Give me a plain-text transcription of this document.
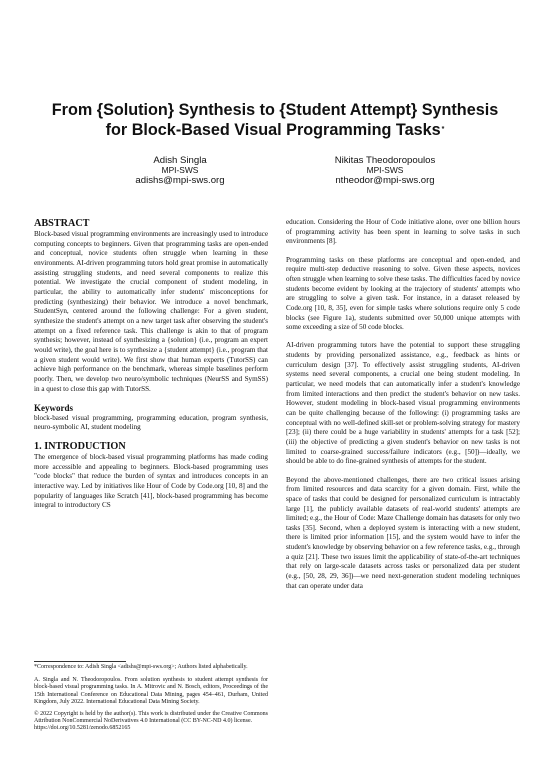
From {Solution} Synthesis to {Student Attempt} Synthesis
for Block-Based Visual Programming Tasks*
Adish Singla
MPI-SWS
adishs@mpi-sws.org
Nikitas Theodoropoulos
MPI-SWS
ntheodor@mpi-sws.org
ABSTRACT

Block-based visual programming environments are increasingly used to introduce computing concepts to beginners. Given that programming tasks are open-ended and conceptual, novice students often struggle when learning in these environments. AI-driven programming tutors hold great promise in automatically assisting struggling students, and need several components to realize this potential. We investigate the crucial component of student modeling, in particular, the ability to automatically infer students' misconceptions for predicting (synthesizing) their behavior. We introduce a novel benchmark, StudentSyn, centered around the following challenge: For a given student, synthesize the student's attempt on a new target task after observing the student's attempt on a fixed reference task. This challenge is akin to that of program synthesis; however, instead of synthesizing a {solution} (i.e., program an expert would write), the goal here is to synthesize a {student attempt} (i.e., program that a given student would write). We first show that human experts (TutorSS) can achieve high performance on the benchmark, whereas simple baselines perform poorly. Then, we develop two neuro/symbolic techniques (NeurSS and SymSS) in a quest to close this gap with TutorSS.

Keywords

block-based visual programming, programming education, program synthesis, neuro-symbolic AI, student modeling

1. INTRODUCTION

The emergence of block-based visual programming platforms has made coding more accessible and appealing to beginners. Block-based programming uses "code blocks" that reduce the burden of syntax and introduces concepts in an interactive way. Led by initiatives like Hour of Code by Code.org [10, 8] and the popularity of languages like Scratch [41], block-based programming has become integral to introductory CS

*Correspondence to: Adish Singla <adishs@mpi-sws.org>; Authors listed alphabetically.

A. Singla and N. Theodoropoulos. From solution synthesis to student attempt synthesis for block-based visual programming tasks. In A. Mitrovic and N. Bosch, editors, Proceedings of the 15th International Conference on Educational Data Mining, pages 454–461, Durham, United Kingdom, July 2022. International Educational Data Mining Society.

© 2022 Copyright is held by the author(s). This work is distributed under the Creative Commons Attribution NonCommercial NoDerivatives 4.0 International (CC BY-NC-ND 4.0) license.

https://doi.org/10.5281/zenodo.6852165

education. Considering the Hour of Code initiative alone, over one billion hours of programming activity has been spent in learning to solve tasks in such environments [8].

Programming tasks on these platforms are conceptual and open-ended, and require multi-step deductive reasoning to solve. Given these aspects, novices often struggle when learning to solve these tasks. The difficulties faced by novice students become evident by looking at the trajectory of students' attempts who are struggling to solve a given task. For instance, in a dataset released by Code.org [10, 8, 35], even for simple tasks where solutions require only 5 code blocks (see Figure 1a), students submitted over 50,000 unique attempts with some exceeding a size of 50 code blocks.

AI-driven programming tutors have the potential to support these struggling students by providing personalized assistance, e.g., feedback as hints or curriculum design [37]. To effectively assist struggling students, AI-driven systems need several components, a crucial one being student modeling. In particular, we need models that can automatically infer a student's knowledge from limited interactions and then predict the student's behavior on new tasks. However, student modeling in block-based visual programming environments can be quite challenging because of the following: (i) programming tasks are conceptual with no well-defined skill-set or problem-solving strategy for mastery [23]; (ii) there could be a huge variability in students' attempts for a task [52]; (iii) the objective of predicting a given student's behavior on new tasks is not limited to coarse-grained success/failure indicators (e.g., [50])—ideally, we should be able to do fine-grained synthesis of attempts for the student.

Beyond the above-mentioned challenges, there are two critical issues arising from limited resources and data scarcity for a given domain. First, while the space of tasks that could be designed for personalized curriculum is intractably large [1], the publicly available datasets of real-world students' attempts are limited; e.g., the Hour of Code: Maze Challenge domain has datasets for only two tasks [35]. Second, when a deployed system is interacting with a new student, there is limited prior information [15], and the system would have to infer the student's knowledge by observing behavior on a few reference tasks, e.g., through a quiz [21]. These two issues limit the applicability of state-of-the-art techniques that rely on large-scale datasets across tasks or personalized data per student (e.g., [50, 28, 29, 36])—we need next-generation student modeling techniques that can operate under data
